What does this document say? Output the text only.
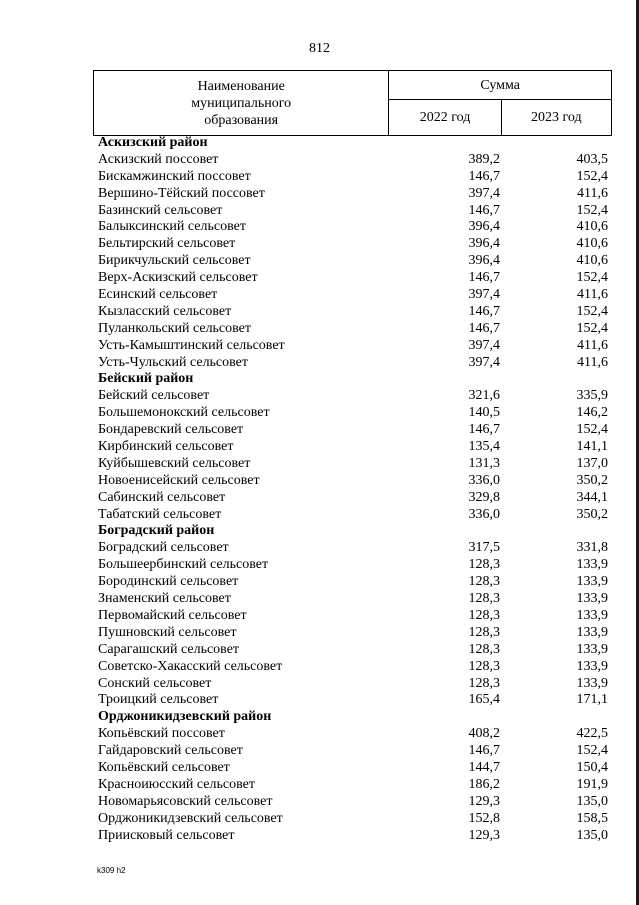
812
Наименование
муниципального
образования	Сумма	
	2022 год	2023 год
Аскизский район
Аскизский поссовет	389,2	403,5
Бискамжинский поссовет	146,7	152,4
Вершино-Тёйский поссовет	397,4	411,6
Базинский сельсовет	146,7	152,4
Балыксинский сельсовет	396,4	410,6
Бельтирский сельсовет	396,4	410,6
Бирикчульский сельсовет	396,4	410,6
Верх-Аскизский сельсовет	146,7	152,4
Есинский сельсовет	397,4	411,6
Кызласский сельсовет	146,7	152,4
Пуланкольский сельсовет	146,7	152,4
Усть-Камыштинский сельсовет	397,4	411,6
Усть-Чульский сельсовет	397,4	411,6
Бейский район
Бейский сельсовет	321,6	335,9
Большемонокский сельсовет	140,5	146,2
Бондаревский сельсовет	146,7	152,4
Кирбинский сельсовет	135,4	141,1
Куйбышевский сельсовет	131,3	137,0
Новоенисейский сельсовет	336,0	350,2
Сабинский сельсовет	329,8	344,1
Табатский сельсовет	336,0	350,2
Боградский район
Боградский сельсовет	317,5	331,8
Большеербинский сельсовет	128,3	133,9
Бородинский сельсовет	128,3	133,9
Знаменский сельсовет	128,3	133,9
Первомайский сельсовет	128,3	133,9
Пушновский сельсовет	128,3	133,9
Сарагашский сельсовет	128,3	133,9
Советско-Хакасский сельсовет	128,3	133,9
Сонский сельсовет	128,3	133,9
Троицкий сельсовет	165,4	171,1
Орджоникидзевский район
Копьёвский поссовет	408,2	422,5
Гайдаровский сельсовет	146,7	152,4
Копьёвский сельсовет	144,7	150,4
Красноиюсский сельсовет	186,2	191,9
Новомарьясовский сельсовет	129,3	135,0
Орджоникидзевский сельсовет	152,8	158,5
Приисковый сельсовет	129,3	135,0
k309 h2
